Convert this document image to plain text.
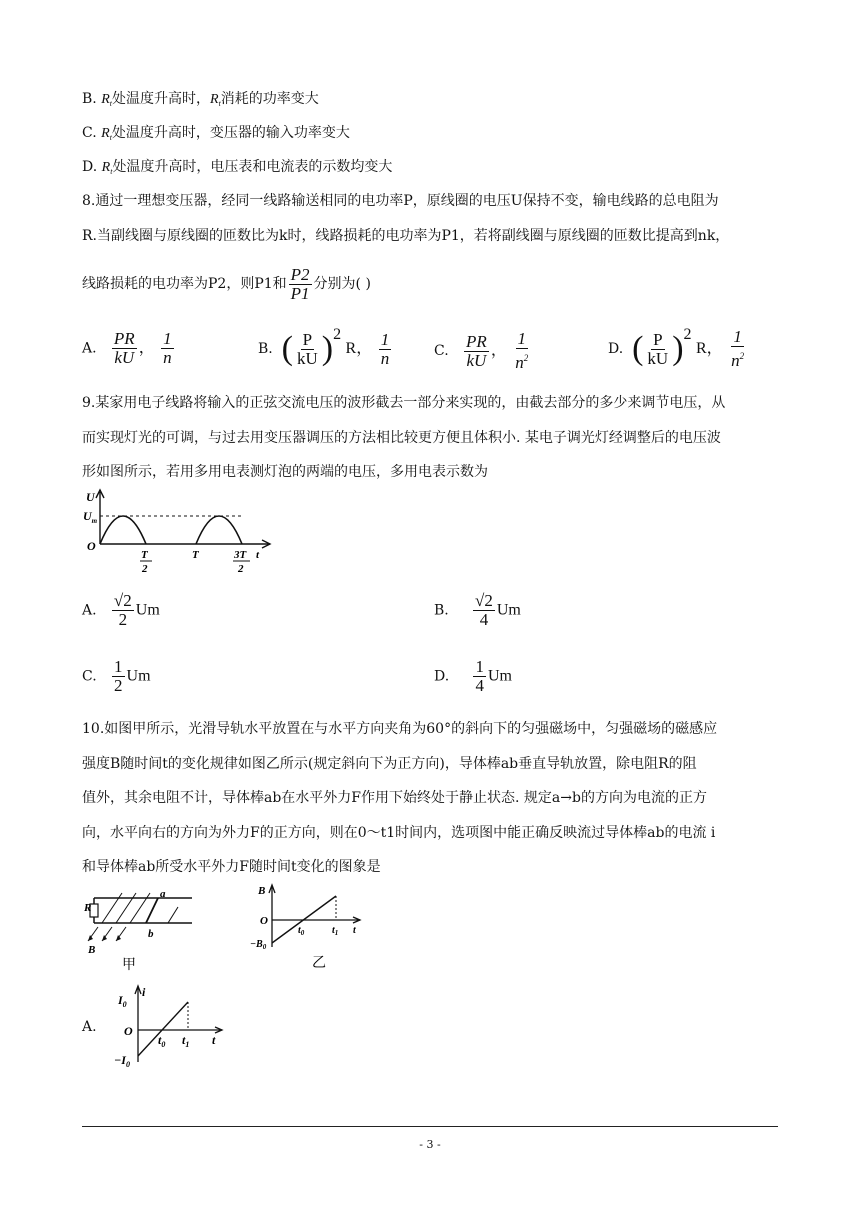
B. $R_t$处温度升高时，$R_t$消耗的功率变大
C. $R_t$处温度升高时，变压器的输入功率变大
D. $R_t$处温度升高时，电压表和电流表的示数均变大
8.通过一理想变压器，经同一线路输送相同的电功率P，原线圈的电压U保持不变，输电线路的总电阻为
R.当副线圈与原线圈的匝数比为k时，线路损耗的电功率为P1，若将副线圈与原线圈的匝数比提高到nk，
线路损耗的电功率为P2，则P1和 $\frac{P2}{P1}$ 分别为( )
A. $\frac{PR}{kU}$ ， $\frac{1}{n}$	B. ( $\frac{P}{kU} )2$ R， $\frac{1}{n}$	C. $\frac{PR}{kU}$ ， $\frac{1}{n^2}$	D. ( $\frac{P}{kU} )2$ R， $\frac{1}{n^2}$
9.某家用电子线路将输入的正弦交流电压的波形截去一部分来实现的，由截去部分的多少来调节电压，从
而实现灯光的可调，与过去用变压器调压的方法相比较更方便且体积小. 某电子调光灯经调整后的电压波
形如图所示，若用多用电表测灯泡的两端的电压，多用电表示数为
U
$U_m$
O
T
2
T	3T
2
t
A. $\frac{√2}{2}$ Um	B. $\frac{√2}{4}$ Um
C. $\frac{1}{2}$ Um	D. $\frac{1}{4}$ Um
10.如图甲所示，光滑导轨水平放置在与水平方向夹角为60°的斜向下的匀强磁场中，匀强磁场的磁感应
强度B随时间t的变化规律如图乙所示(规定斜向下为正方向)，导体棒ab垂直导轨放置，除电阻R的阻
值外，其余电阻不计，导体棒ab在水平外力F作用下始终处于静止状态. 规定a→b的方向为电流的正方
向，水平向右的方向为外力F的正方向，则在0～t1时间内，选项图中能正确反映流过导体棒ab的电流 i
和导体棒ab所受水平外力F随时间t变化的图象是
R
a
b
B
甲
B
O
$-B_0$
$t_0$	$t_1$ t
乙
A.
$I_0$
i
O
$-I_0$
$t_0$ $t_1$ t
- 3 -
